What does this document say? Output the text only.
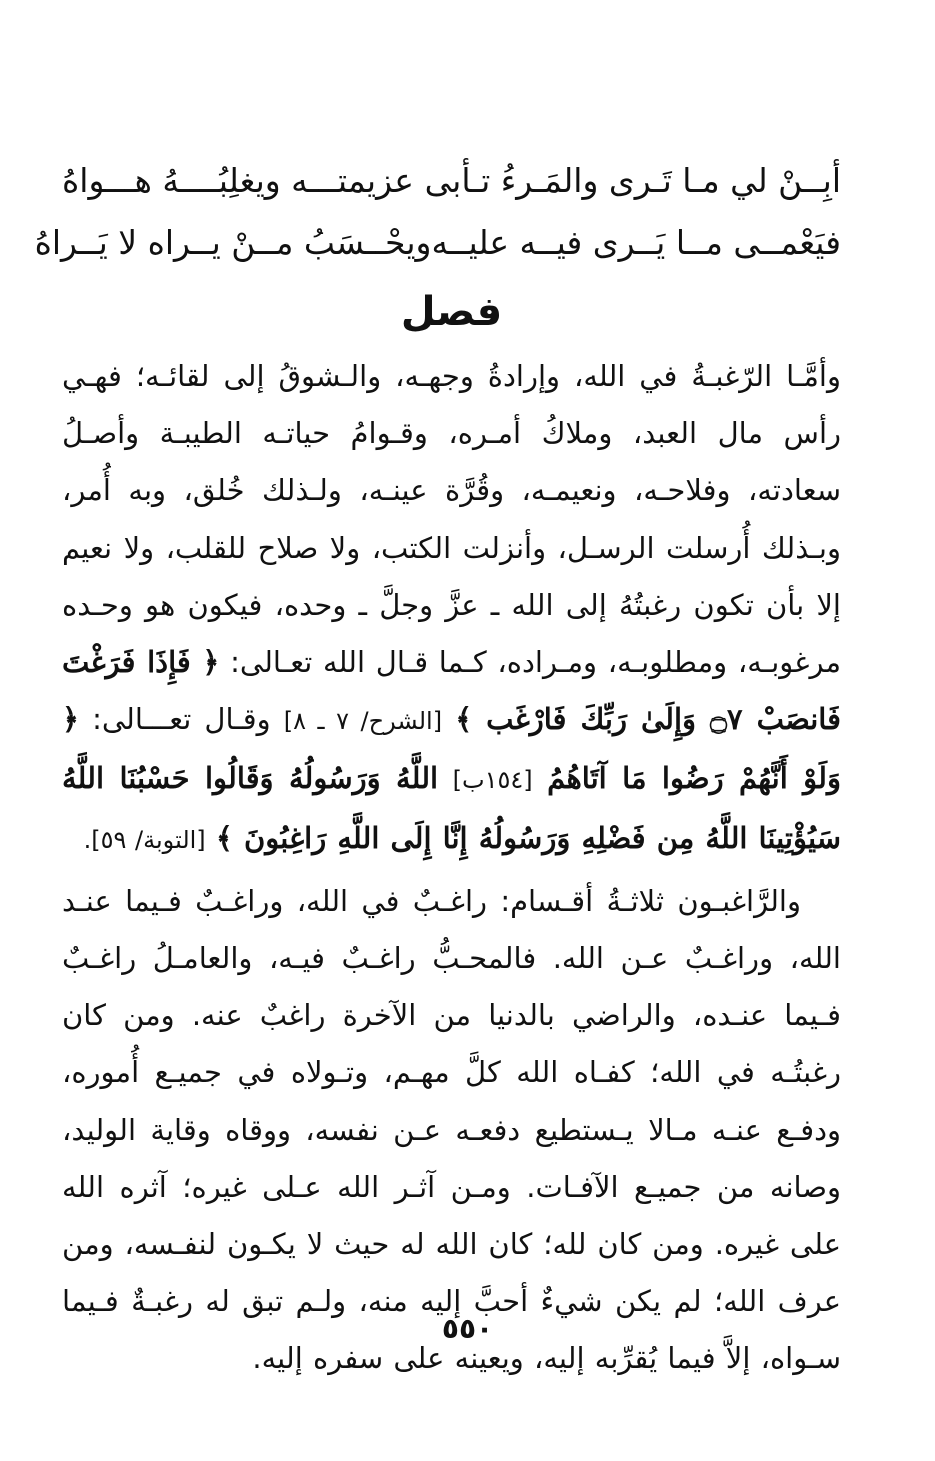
أبِــنْ لي مـا تَـرى والمَـرءُ تـأبى
عزيمتـــه ويغلِبُــــهُ هـــواهُ
فيَعْمــى مــا يَــرى فيــه عليــه
ويحْــسَبُ مــنْ يــراه لا يَــراهُ
فصل

وأمَّـا الرّغبـةُ في الله، وإرادةُ وجهـه، والـشوقُ إلى لقائـه؛ فهـي رأس مال العبد، وملاكُ أمـره، وقـوامُ حياتـه الطيبـة وأصـلُ سعادته، وفلاحـه، ونعيمـه، وقُرَّة عينـه، ولـذلك خُلق، وبه أُمر، وبـذلك أُرسلت الرسـل، وأنزلت الكتب، ولا صلاح للقلب، ولا نعيم إلا بأن تكون رغبتُهُ إلى الله ـ عزَّ وجلَّ ـ وحده، فيكون هو وحـده مرغوبـه، ومطلوبـه، ومـراده، كـما قـال الله تعـالى: ﴿ فَإِذَا فَرَغْتَ فَانصَبْ ۝٧ وَإِلَىٰ رَبِّكَ فَارْغَب ﴾ [الشرح/ ٧ ـ ٨] وقـال تعـــالى: ﴿ وَلَوْ أَنَّهُمْ رَضُوا مَا آتَاهُمُ [١٥٤ب] اللَّهُ وَرَسُولُهُ وَقَالُوا حَسْبُنَا اللَّهُ سَيُؤْتِينَا اللَّهُ مِن فَضْلِهِ وَرَسُولُهُ إِنَّا إِلَى اللَّهِ رَاغِبُونَ ﴾ [التوبة/ ٥٩].

والرَّاغبـون ثلاثـةُ أقـسام: راغـبٌ في الله، وراغـبٌ فـيما عنـد الله، وراغـبٌ عـن الله. فالمحـبُّ راغـبٌ فيـه، والعامـلُ راغـبٌ فـيما عنـده، والراضي بالدنيا من الآخرة راغبٌ عنه. ومن كان رغبتُـه في الله؛ كفـاه الله كلَّ مهـم، وتـولاه في جميـع أُموره، ودفـع عنـه مـالا يـستطيع دفعـه عـن نفسه، ووقاه وقاية الوليد، وصانه من جميـع الآفـات. ومـن آثـر الله عـلى غيره؛ آثره الله على غيره. ومن كان لله؛ كان الله له حيث لا يكـون لنفـسه، ومن عرف الله؛ لم يكن شيءٌ أحبَّ إليه منه، ولـم تبق له رغبـةٌ فـيما سـواه، إلاَّ فيما يُقرِّبه إليه، ويعينه على سفره إليه.

٥٥٠
